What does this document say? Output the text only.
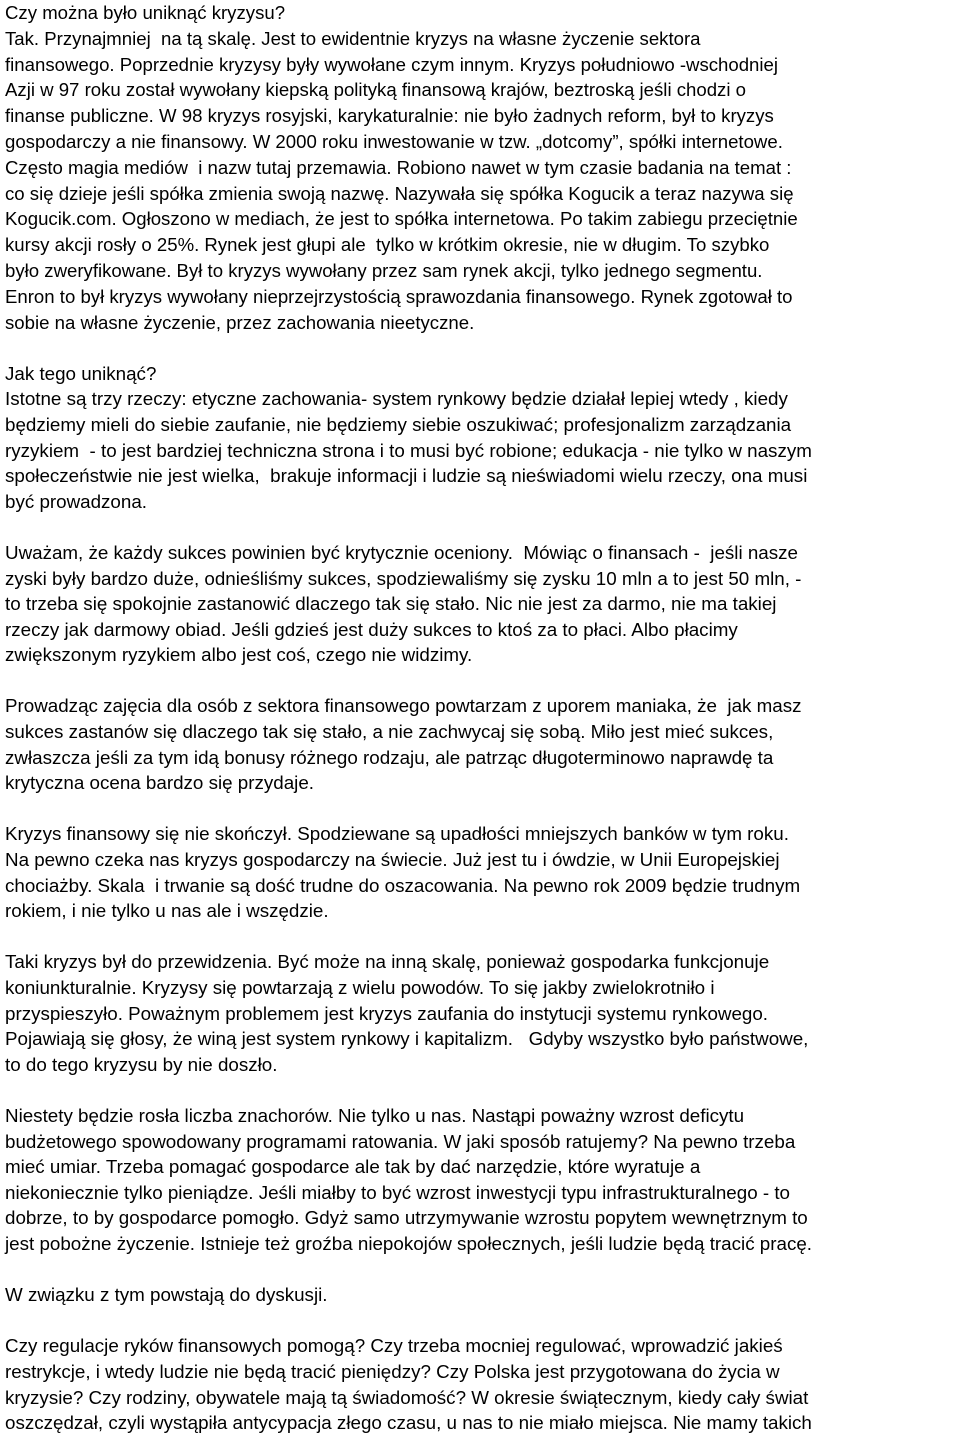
Czy można było uniknąć kryzysu?
Tak. Przynajmniej  na tą skalę. Jest to ewidentnie kryzys na własne życzenie sektora
finansowego. Poprzednie kryzysy były wywołane czym innym. Kryzys południowo -wschodniej
Azji w 97 roku został wywołany kiepską polityką finansową krajów, beztroską jeśli chodzi o
finanse publiczne. W 98 kryzys rosyjski, karykaturalnie: nie było żadnych reform, był to kryzys
gospodarczy a nie finansowy. W 2000 roku inwestowanie w tzw. „dotcomy”, spółki internetowe.
Często magia mediów  i nazw tutaj przemawia. Robiono nawet w tym czasie badania na temat :
co się dzieje jeśli spółka zmienia swoją nazwę. Nazywała się spółka Kogucik a teraz nazywa się
Kogucik.com. Ogłoszono w mediach, że jest to spółka internetowa. Po takim zabiegu przeciętnie
kursy akcji rosły o 25%. Rynek jest głupi ale  tylko w krótkim okresie, nie w długim. To szybko
było zweryfikowane. Był to kryzys wywołany przez sam rynek akcji, tylko jednego segmentu.
Enron to był kryzys wywołany nieprzejrzystością sprawozdania finansowego. Rynek zgotował to
sobie na własne życzenie, przez zachowania nieetyczne.
Jak tego uniknąć?
Istotne są trzy rzeczy: etyczne zachowania- system rynkowy będzie działał lepiej wtedy , kiedy
będziemy mieli do siebie zaufanie, nie będziemy siebie oszukiwać; profesjonalizm zarządzania
ryzykiem  - to jest bardziej techniczna strona i to musi być robione; edukacja - nie tylko w naszym
społeczeństwie nie jest wielka,  brakuje informacji i ludzie są nieświadomi wielu rzeczy, ona musi
być prowadzona.
Uważam, że każdy sukces powinien być krytycznie oceniony.  Mówiąc o finansach -  jeśli nasze
zyski były bardzo duże, odnieśliśmy sukces, spodziewaliśmy się zysku 10 mln a to jest 50 mln, -
to trzeba się spokojnie zastanowić dlaczego tak się stało. Nic nie jest za darmo, nie ma takiej
rzeczy jak darmowy obiad. Jeśli gdzieś jest duży sukces to ktoś za to płaci. Albo płacimy
zwiększonym ryzykiem albo jest coś, czego nie widzimy.
Prowadząc zajęcia dla osób z sektora finansowego powtarzam z uporem maniaka, że  jak masz
sukces zastanów się dlaczego tak się stało, a nie zachwycaj się sobą. Miło jest mieć sukces,
zwłaszcza jeśli za tym idą bonusy różnego rodzaju, ale patrząc długoterminowo naprawdę ta
krytyczna ocena bardzo się przydaje.
Kryzys finansowy się nie skończył. Spodziewane są upadłości mniejszych banków w tym roku.
Na pewno czeka nas kryzys gospodarczy na świecie. Już jest tu i ówdzie, w Unii Europejskiej
chociażby. Skala  i trwanie są dość trudne do oszacowania. Na pewno rok 2009 będzie trudnym
rokiem, i nie tylko u nas ale i wszędzie.
Taki kryzys był do przewidzenia. Być może na inną skalę, ponieważ gospodarka funkcjonuje
koniunkturalnie. Kryzysy się powtarzają z wielu powodów. To się jakby zwielokrotniło i
przyspieszyło. Poważnym problemem jest kryzys zaufania do instytucji systemu rynkowego.
Pojawiają się głosy, że winą jest system rynkowy i kapitalizm.   Gdyby wszystko było państwowe,
to do tego kryzysu by nie doszło.
Niestety będzie rosła liczba znachorów. Nie tylko u nas. Nastąpi poważny wzrost deficytu
budżetowego spowodowany programami ratowania. W jaki sposób ratujemy? Na pewno trzeba
mieć umiar. Trzeba pomagać gospodarce ale tak by dać narzędzie, które wyratuje a
niekoniecznie tylko pieniądze. Jeśli miałby to być wzrost inwestycji typu infrastrukturalnego - to
dobrze, to by gospodarce pomogło. Gdyż samo utrzymywanie wzrostu popytem wewnętrznym to
jest pobożne życzenie. Istnieje też groźba niepokojów społecznych, jeśli ludzie będą tracić pracę.
W związku z tym powstają do dyskusji.
Czy regulacje ryków finansowych pomogą? Czy trzeba mocniej regulować, wprowadzić jakieś
restrykcje, i wtedy ludzie nie będą tracić pieniędzy? Czy Polska jest przygotowana do życia w
kryzysie? Czy rodziny, obywatele mają tą świadomość? W okresie świątecznym, kiedy cały świat
oszczędzał, czyli wystąpiła antycypacja złego czasu, u nas to nie miało miejsca. Nie mamy takich
